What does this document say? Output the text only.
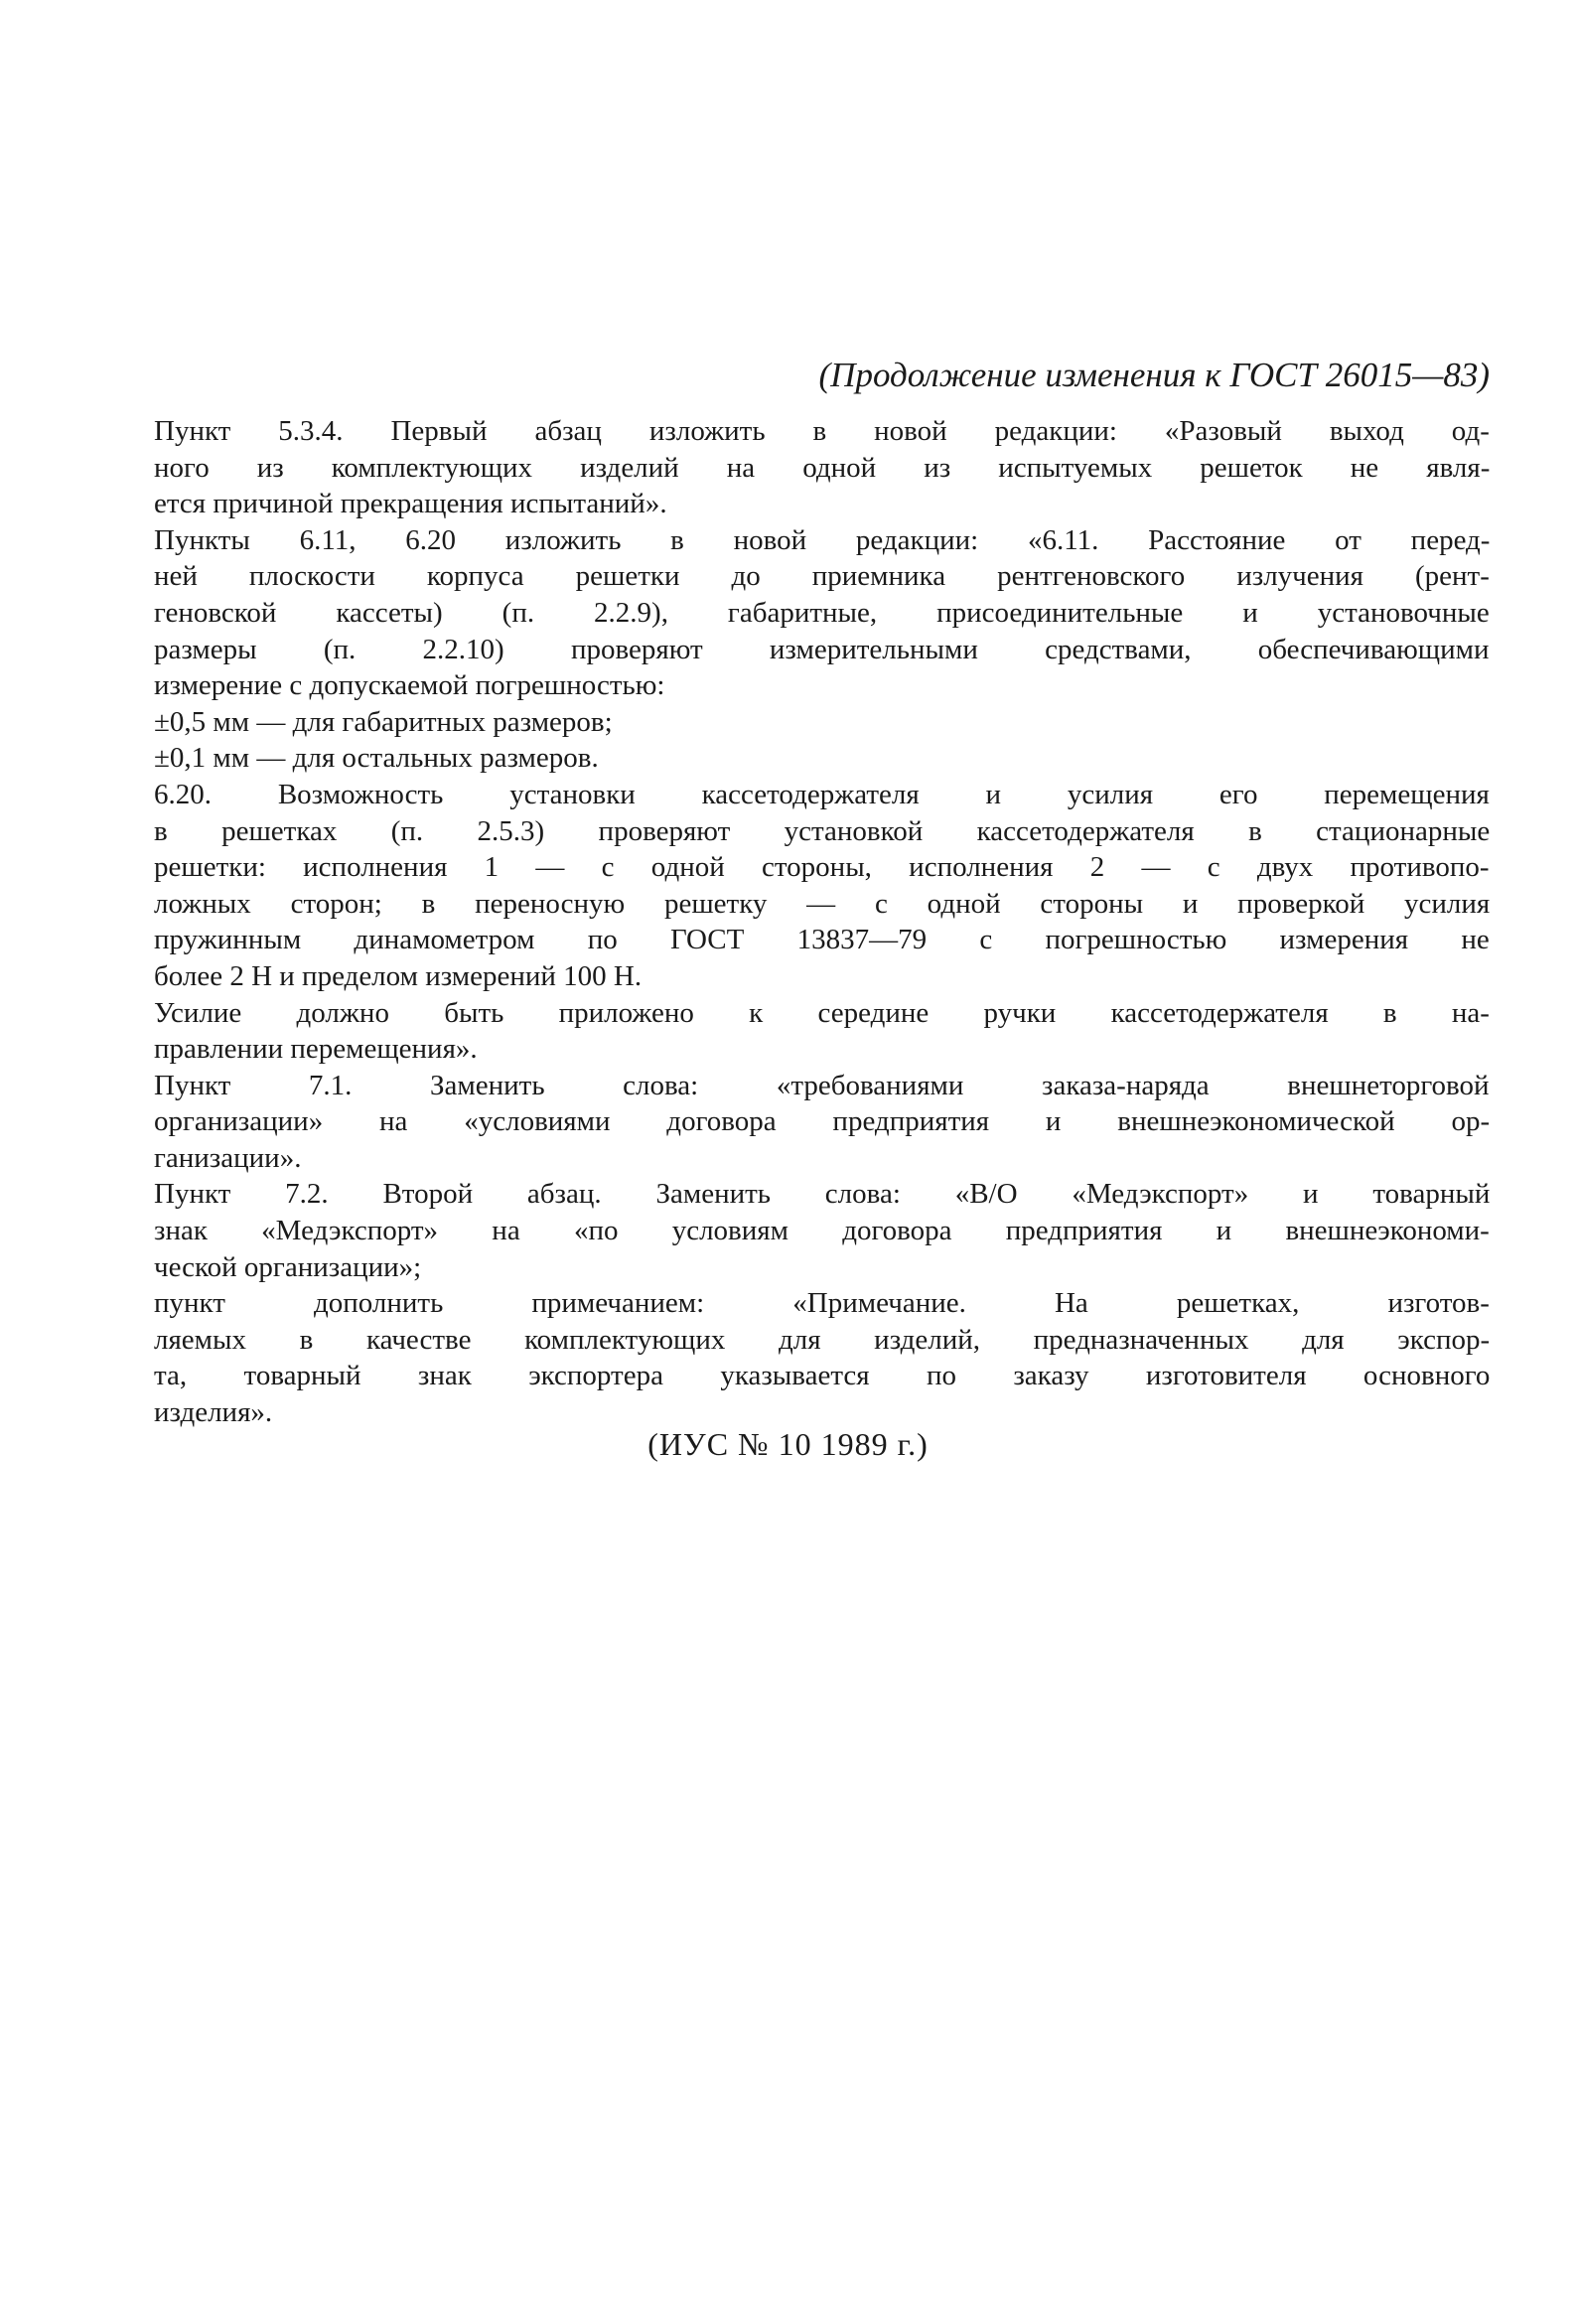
(Продолжение изменения к ГОСТ 26015—83)
Пункт 5.3.4. Первый абзац изложить в новой редакции: «Разовый выход од-
ного из комплектующих изделий на одной из испытуемых решеток не явля-
ется причиной прекращения испытаний».
Пункты 6.11, 6.20 изложить в новой редакции: «6.11. Расстояние от перед-
ней плоскости корпуса решетки до приемника рентгеновского излучения (рент-
геновской кассеты) (п. 2.2.9), габаритные, присоединительные и установочные
размеры (п. 2.2.10) проверяют измерительными средствами, обеспечивающими
измерение с допускаемой погрешностью:
±0,5 мм — для габаритных размеров;
±0,1 мм — для остальных размеров.
6.20. Возможность установки кассетодержателя и усилия его перемещения
в решетках (п. 2.5.3) проверяют установкой кассетодержателя в стационарные
решетки: исполнения 1 — с одной стороны, исполнения 2 — с двух противопо-
ложных сторон; в переносную решетку — с одной стороны и проверкой усилия
пружинным динамометром по ГОСТ 13837—79 с погрешностью измерения не
более 2 Н и пределом измерений 100 Н.
Усилие должно быть приложено к середине ручки кассетодержателя в на-
правлении перемещения».
Пункт 7.1. Заменить слова: «требованиями заказа-наряда внешнеторговой
организации» на «условиями договора предприятия и внешнеэкономической ор-
ганизации».
Пункт 7.2. Второй абзац. Заменить слова: «В/О «Медэкспорт» и товарный
знак «Медэкспорт» на «по условиям договора предприятия и внешнеэкономи-
ческой организации»;
пункт дополнить примечанием: «Примечание. На решетках, изготов-
ляемых в качестве комплектующих для изделий, предназначенных для экспор-
та, товарный знак экспортера указывается по заказу изготовителя основного
изделия».
(ИУС № 10 1989 г.)
